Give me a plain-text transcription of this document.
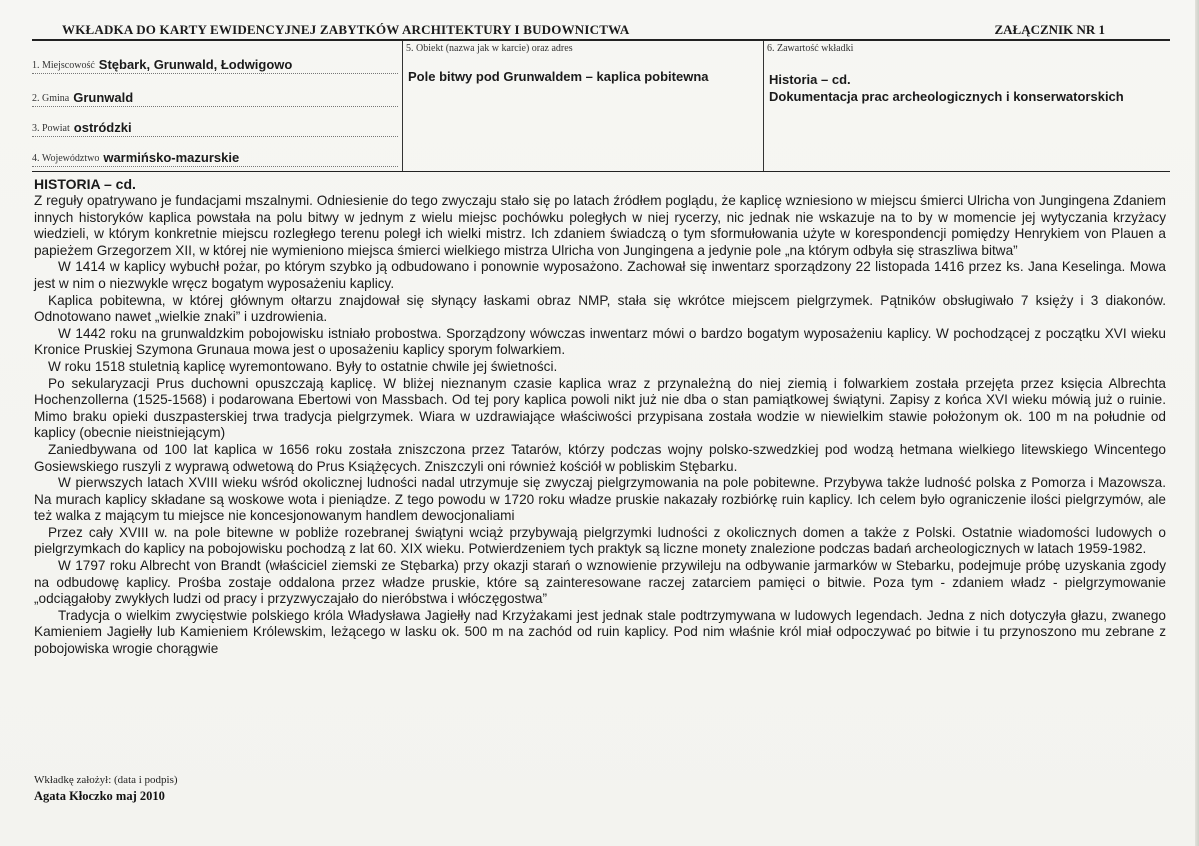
WKŁADKA DO KARTY EWIDENCYJNEJ ZABYTKÓW ARCHITEKTURY I BUDOWNICTWA	ZAŁĄCZNIK NR 1
1. Miejscowość Stębark, Grunwald, Łodwigowo
2. Gmina Grunwald
3. Powiat ostródzki
4. Województwo warmińsko-mazurskie
5. Obiekt (nazwa jak w karcie) oraz adres
Pole bitwy pod Grunwaldem – kaplica pobitewna
6. Zawartość wkładki
Historia – cd.
Dokumentacja prac archeologicznych i konserwatorskich
HISTORIA – cd.

Z reguły opatrywano je fundacjami mszalnymi. Odniesienie do tego zwyczaju stało się po latach źródłem poglądu, że kaplicę wzniesiono w miejscu śmierci Ulricha von Jungingena Zdaniem innych historyków kaplica powstała na polu bitwy w jednym z wielu miejsc pochówku poległych w niej rycerzy, nic jednak nie wskazuje na to by w momencie jej wytyczania krzyżacy wiedzieli, w którym konkretnie miejscu rozległego terenu poległ ich wielki mistrz. Ich zdaniem świadczą o tym sformułowania użyte w korespondencji pomiędzy Henrykiem von Plauen a papieżem Grzegorzem XII, w której nie wymieniono miejsca śmierci wielkiego mistrza Ulricha von Jungingena a jedynie pole „na którym odbyła się straszliwa bitwa”

W 1414 w kaplicy wybuchł pożar, po którym szybko ją odbudowano i ponownie wyposażono. Zachował się inwentarz sporządzony 22 listopada 1416 przez ks. Jana Keselinga. Mowa jest w nim o niezwykle wręcz bogatym wyposażeniu kaplicy.

Kaplica pobitewna, w której głównym ołtarzu znajdował się słynący łaskami obraz NMP, stała się wkrótce miejscem pielgrzymek. Pątników obsługiwało 7 księży i 3 diakonów. Odnotowano nawet „wielkie znaki” i uzdrowienia.

W 1442 roku na grunwaldzkim pobojowisku istniało probostwa. Sporządzony wówczas inwentarz mówi o bardzo bogatym wyposażeniu kaplicy. W pochodzącej z początku XVI wieku Kronice Pruskiej Szymona Grunaua mowa jest o uposażeniu kaplicy sporym folwarkiem.

W roku 1518 stuletnią kaplicę wyremontowano. Były to ostatnie chwile jej świetności.

Po sekularyzacji Prus duchowni opuszczają kaplicę. W bliżej nieznanym czasie kaplica wraz z przynależną do niej ziemią i folwarkiem została przejęta przez księcia Albrechta Hochenzollerna (1525-1568) i podarowana Ebertowi von Massbach. Od tej pory kaplica powoli nikt już nie dba o stan pamiątkowej świątyni. Zapisy z końca XVI wieku mówią już o ruinie. Mimo braku opieki duszpasterskiej trwa tradycja pielgrzymek. Wiara w uzdrawiające właściwości przypisana została wodzie w niewielkim stawie położonym ok. 100 m na południe od kaplicy (obecnie nieistniejącym)

Zaniedbywana od 100 lat kaplica w 1656 roku została zniszczona przez Tatarów, którzy podczas wojny polsko-szwedzkiej pod wodzą hetmana wielkiego litewskiego Wincentego Gosiewskiego ruszyli z wyprawą odwetową do Prus Książęcych. Zniszczyli oni również kościół w pobliskim Stębarku.

W pierwszych latach XVIII wieku wśród okolicznej ludności nadal utrzymuje się zwyczaj pielgrzymowania na pole pobitewne. Przybywa także ludność polska z Pomorza i Mazowsza. Na murach kaplicy składane są woskowe wota i pieniądze. Z tego powodu w 1720 roku władze pruskie nakazały rozbiórkę ruin kaplicy. Ich celem było ograniczenie ilości pielgrzymów, ale też walka z mającym tu miejsce nie koncesjonowanym handlem dewocjonaliami

Przez cały XVIII w. na pole bitewne w pobliże rozebranej świątyni wciąż przybywają pielgrzymki ludności z okolicznych domen a także z Polski. Ostatnie wiadomości ludowych o pielgrzymkach do kaplicy na pobojowisku pochodzą z lat 60. XIX wieku. Potwierdzeniem tych praktyk są liczne monety znalezione podczas badań archeologicznych w latach 1959-1982.

W 1797 roku Albrecht von Brandt (właściciel ziemski ze Stębarka) przy okazji starań o wznowienie przywileju na odbywanie jarmarków w Stebarku, podejmuje próbę uzyskania zgody na odbudowę kaplicy. Prośba zostaje oddalona przez władze pruskie, które są zainteresowane raczej zatarciem pamięci o bitwie. Poza tym - zdaniem władz - pielgrzymowanie „odciągałoby zwykłych ludzi od pracy i przyzwyczajało do nieróbstwa i włóczęgostwa”

Tradycja o wielkim zwycięstwie polskiego króla Władysława Jagiełły nad Krzyżakami jest jednak stale podtrzymywana w ludowych legendach. Jedna z nich dotyczyła głazu, zwanego Kamieniem Jagiełły lub Kamieniem Królewskim, leżącego w lasku ok. 500 m na zachód od ruin kaplicy. Pod nim właśnie król miał odpoczywać po bitwie i tu przynoszono mu zebrane z pobojowiska wrogie chorągwie

Wkładkę założył: (data i podpis)
Agata Kłoczko maj 2010
